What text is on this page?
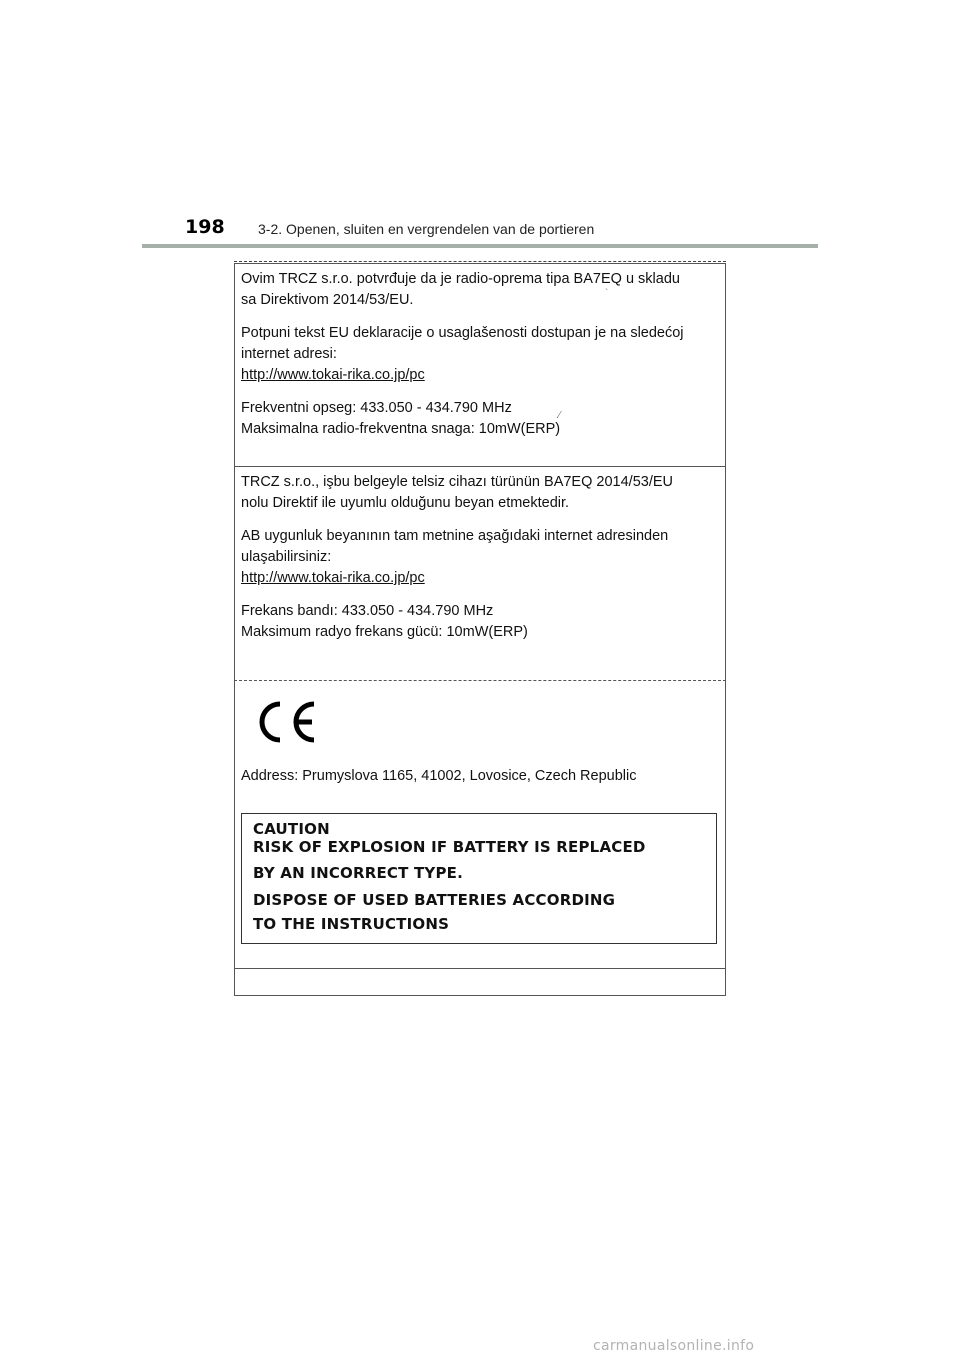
198 3-2. Openen, sluiten en vergrendelen van de portieren

Ovim TRCZ s.r.o. potvrđuje da je radio-oprema tipa BA7EQ u skladu

sa Direktivom 2014/53/EU.

Potpuni tekst EU deklaracije o usaglašenosti dostupan je na sledećoj

internet adresi:

http://www.tokai-rika.co.jp/pc

Frekventni opseg: 433.050 - 434.790 MHz

Maksimalna radio-frekventna snaga: 10mW(ERP)

TRCZ s.r.o., işbu belgeyle telsiz cihazı türünün BA7EQ 2014/53/EU

nolu Direktif ile uyumlu olduğunu beyan etmektedir.

AB uygunluk beyanının tam metnine aşağıdaki internet adresinden

ulaşabilirsiniz:

http://www.tokai-rika.co.jp/pc

Frekans bandı: 433.050 - 434.790 MHz

Maksimum radyo frekans gücü: 10mW(ERP)

Address: Prumyslova 1165, 41002, Lovosice, Czech Republic
CAUTION
RISK OF EXPLOSION IF BATTERY IS REPLACED
BY AN INCORRECT TYPE.
DISPOSE OF USED BATTERIES ACCORDING
TO THE INSTRUCTIONS
`
.⁄
carmanualsonline.info
